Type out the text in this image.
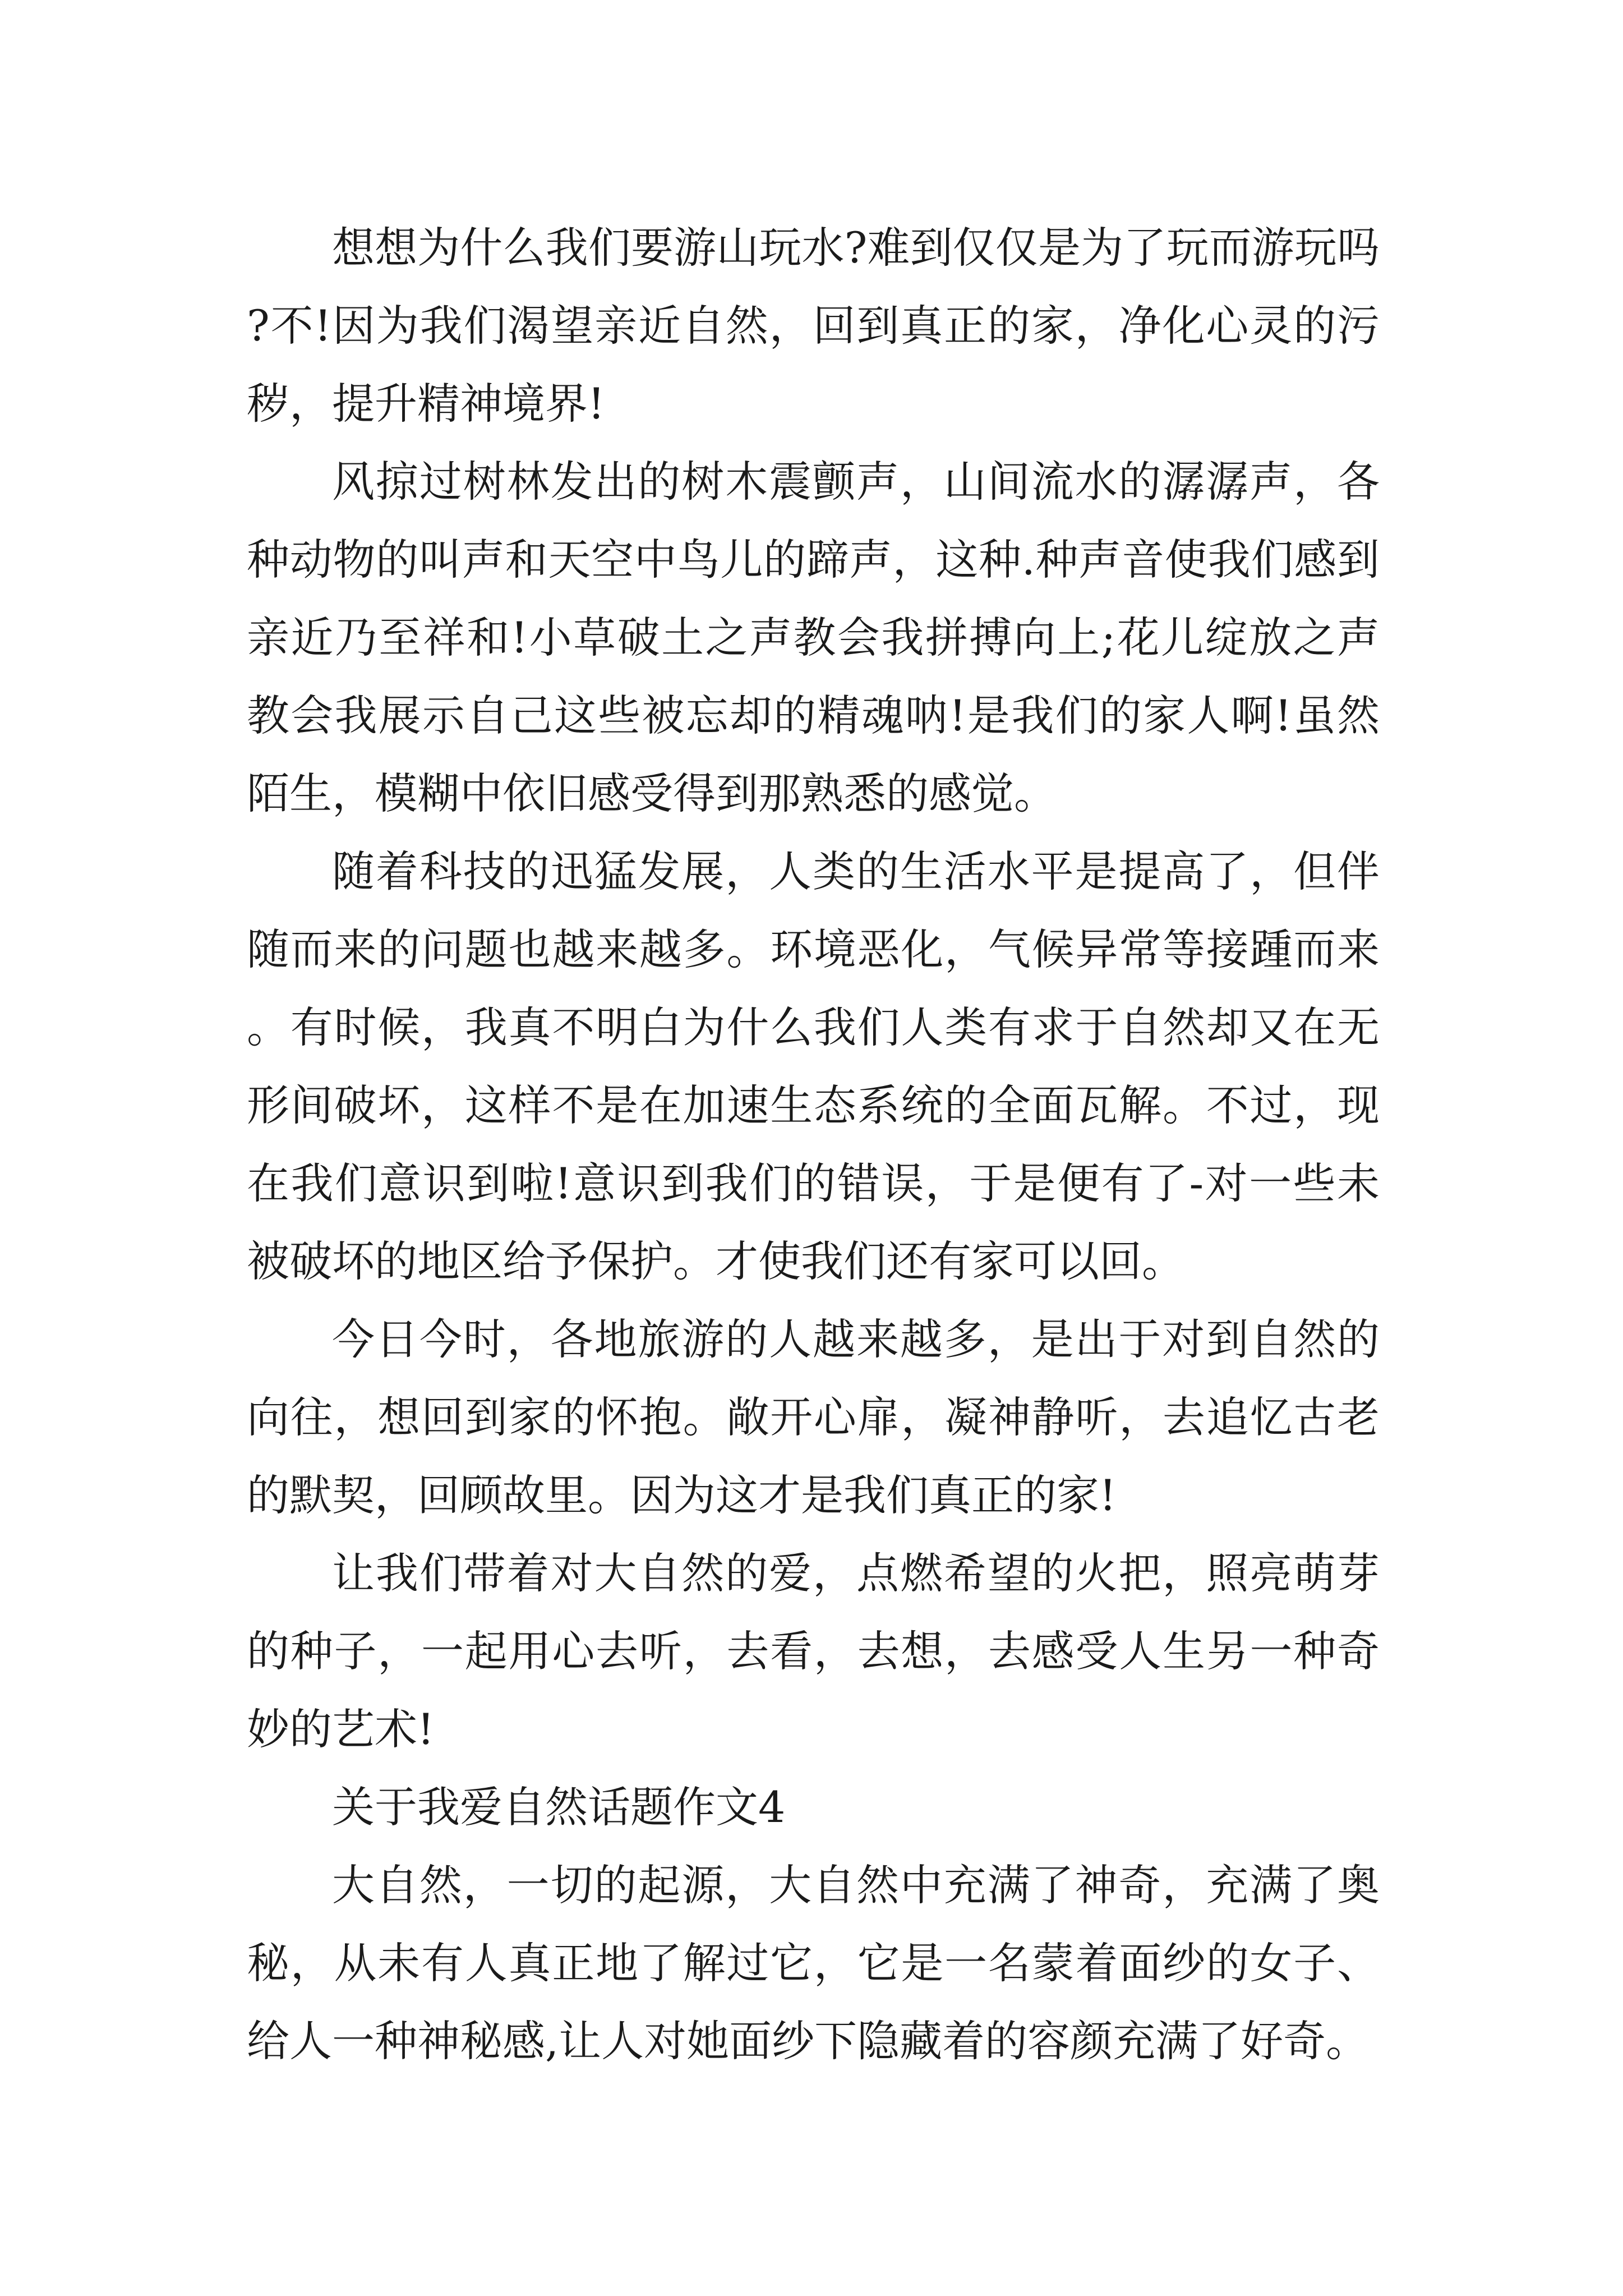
想想为什么我们要游山玩水?难到仅仅是为了玩而游玩吗?不!因为我们渴望亲近自然，回到真正的家，净化心灵的污秽，提升精神境界!

风掠过树林发出的树木震颤声，山间流水的潺潺声，各种动物的叫声和天空中鸟儿的蹄声，这种.种声音使我们感到亲近乃至祥和!小草破土之声教会我拼搏向上;花儿绽放之声教会我展示自己这些被忘却的精魂呐!是我们的家人啊!虽然陌生，模糊中依旧感受得到那熟悉的感觉。

随着科技的迅猛发展，人类的生活水平是提高了，但伴随而来的问题也越来越多。环境恶化，气候异常等接踵而来。有时候，我真不明白为什么我们人类有求于自然却又在无形间破坏，这样不是在加速生态系统的全面瓦解。不过，现在我们意识到啦!意识到我们的错误，于是便有了-对一些未被破坏的地区给予保护。才使我们还有家可以回。

今日今时，各地旅游的人越来越多，是出于对到自然的向往，想回到家的怀抱。敞开心扉，凝神静听，去追忆古老的默契，回顾故里。因为这才是我们真正的家!

让我们带着对大自然的爱，点燃希望的火把，照亮萌芽的种子，一起用心去听，去看，去想，去感受人生另一种奇妙的艺术!

关于我爱自然话题作文4

大自然，一切的起源，大自然中充满了神奇，充满了奥秘，从未有人真正地了解过它，它是一名蒙着面纱的女子、给人一种神秘感,让人对她面纱下隐藏着的容颜充满了好奇。
